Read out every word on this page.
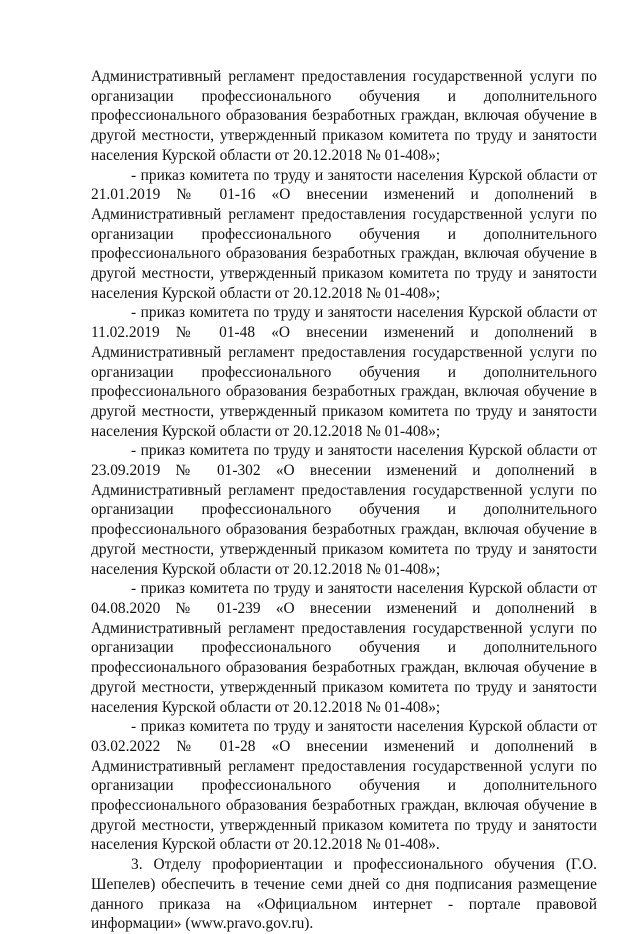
Административный регламент предоставления государственной услуги по организации профессионального обучения и дополнительного профессионального образования безработных граждан, включая обучение в другой местности, утвержденный приказом комитета по труду и занятости населения Курской области от 20.12.2018 № 01-408»;

- приказ комитета по труду и занятости населения Курской области от 21.01.2019 № 01-16 «О внесении изменений и дополнений в Административный регламент предоставления государственной услуги по организации профессионального обучения и дополнительного профессионального образования безработных граждан, включая обучение в другой местности, утвержденный приказом комитета по труду и занятости населения Курской области от 20.12.2018 № 01-408»;

- приказ комитета по труду и занятости населения Курской области от 11.02.2019 № 01-48 «О внесении изменений и дополнений в Административный регламент предоставления государственной услуги по организации профессионального обучения и дополнительного профессионального образования безработных граждан, включая обучение в другой местности, утвержденный приказом комитета по труду и занятости населения Курской области от 20.12.2018 № 01-408»;

- приказ комитета по труду и занятости населения Курской области от 23.09.2019 № 01-302 «О внесении изменений и дополнений в Административный регламент предоставления государственной услуги по организации профессионального обучения и дополнительного профессионального образования безработных граждан, включая обучение в другой местности, утвержденный приказом комитета по труду и занятости населения Курской области от 20.12.2018 № 01-408»;

- приказ комитета по труду и занятости населения Курской области от 04.08.2020 № 01-239 «О внесении изменений и дополнений в Административный регламент предоставления государственной услуги по организации профессионального обучения и дополнительного профессионального образования безработных граждан, включая обучение в другой местности, утвержденный приказом комитета по труду и занятости населения Курской области от 20.12.2018 № 01-408»;

- приказ комитета по труду и занятости населения Курской области от 03.02.2022 № 01-28 «О внесении изменений и дополнений в Административный регламент предоставления государственной услуги по организации профессионального обучения и дополнительного профессионального образования безработных граждан, включая обучение в другой местности, утвержденный приказом комитета по труду и занятости населения Курской области от 20.12.2018 № 01-408».

3. Отделу профориентации и профессионального обучения (Г.О. Шепелев) обеспечить в течение семи дней со дня подписания размещение данного приказа на «Официальном интернет - портале правовой информации» (www.pravo.gov.ru).
